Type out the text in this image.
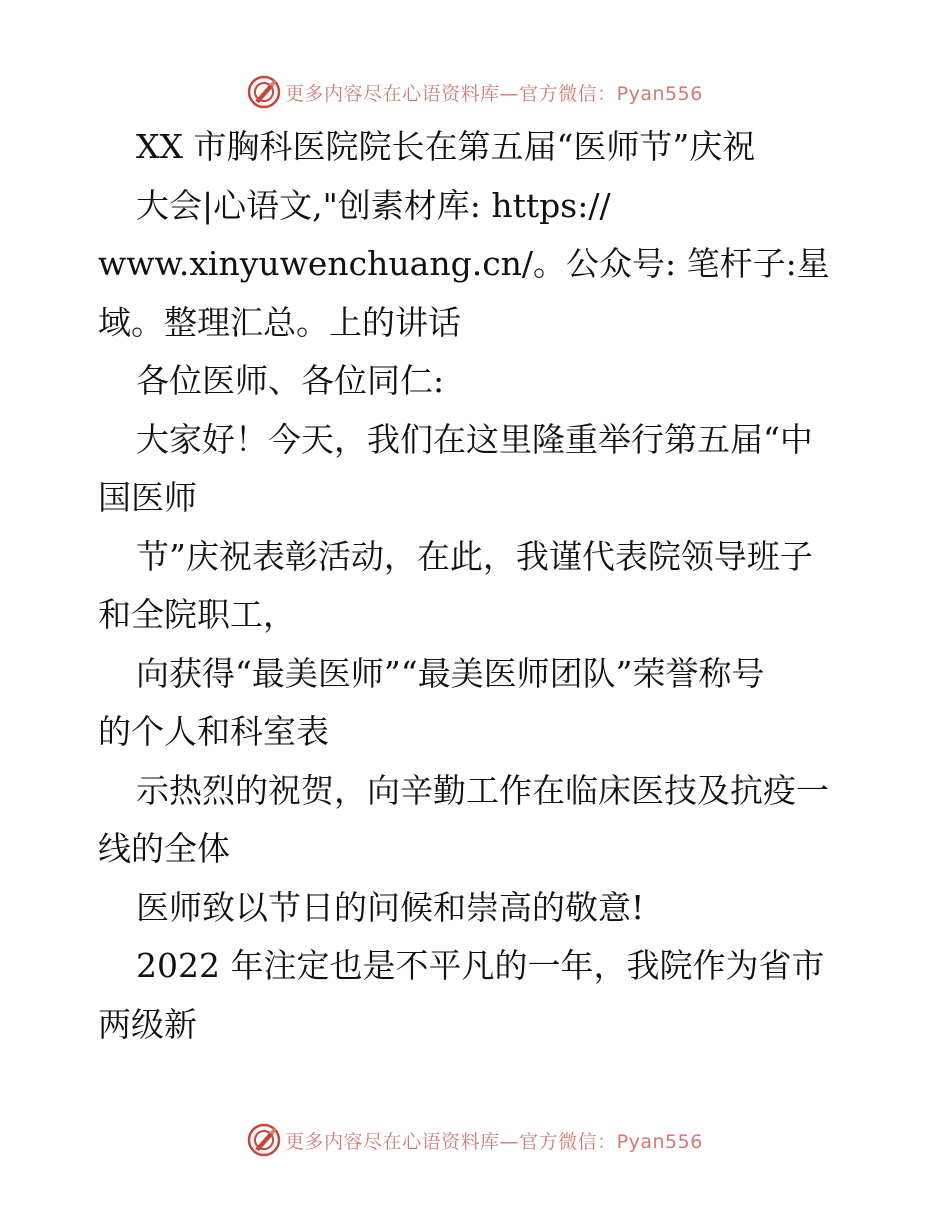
更多内容尽在心语资料库—官方微信：Pyan556
XX 市胸科医院院长在第五届“医师节”庆祝
大会|心语文,"创素材库: https://
www.xinyuwenchuang.cn/。公众号: 笔杆子:星
域。整理汇总。上的讲话
各位医师、各位同仁:
大家好！今天，我们在这里隆重举行第五届“中
国医师
节”庆祝表彰活动，在此，我谨代表院领导班子
和全院职工，
向获得“最美医师”“最美医师团队”荣誉称号
的个人和科室表
示热烈的祝贺，向辛勤工作在临床医技及抗疫一
线的全体
医师致以节日的问候和崇高的敬意!
2022 年注定也是不平凡的一年，我院作为省市
两级新
更多内容尽在心语资料库—官方微信：Pyan556
